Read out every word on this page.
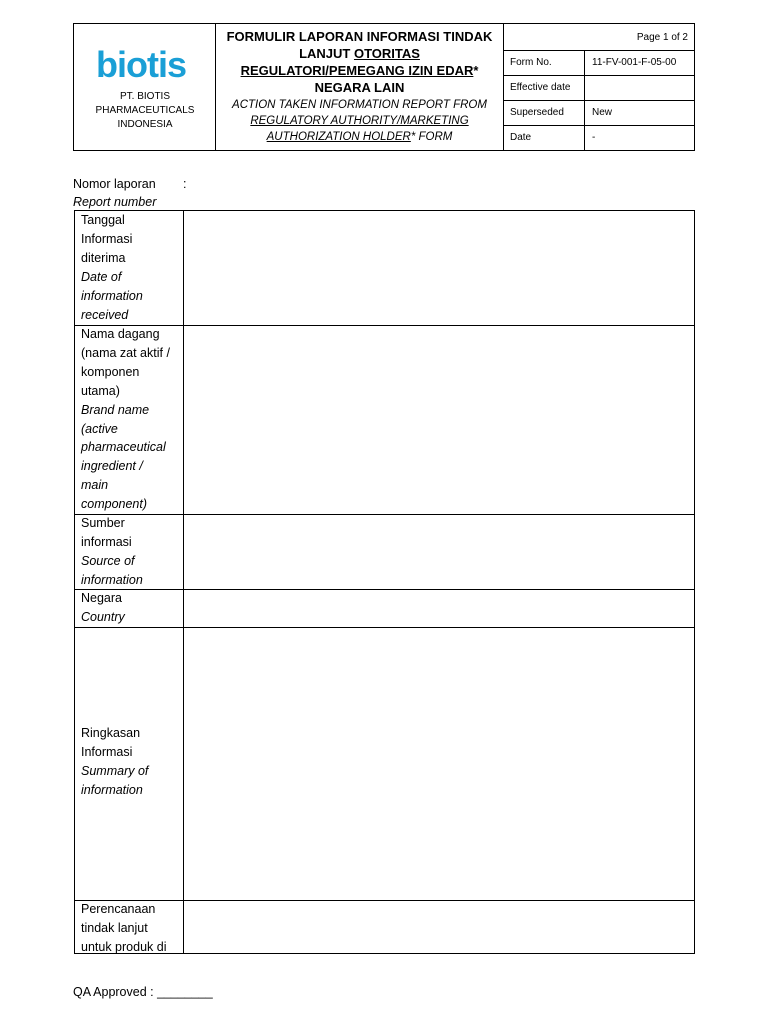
biotis
PT. BIOTIS
PHARMACEUTICALS
INDONESIA
FORMULIR LAPORAN INFORMASI TINDAK
LANJUT OTORITAS
REGULATORI/PEMEGANG IZIN EDAR*
NEGARA LAIN
ACTION TAKEN INFORMATION REPORT FROM
REGULATORY AUTHORITY/MARKETING
AUTHORIZATION HOLDER* FORM
Page 1 of 2
Form No.	11-FV-001-F-05-00
Effective date
Superseded	New
Date	-
Nomor laporan :
Report number
Tanggal
Informasi
diterima
Date of
information
received
Nama dagang
(nama zat aktif /
komponen
utama)
Brand name
(active
pharmaceutical
ingredient /
main
component)
Sumber
informasi
Source of
information
Negara
Country
Ringkasan
Informasi
Summary of
information
Perencanaan
tindak lanjut
untuk produk di
QA Approved : ________
